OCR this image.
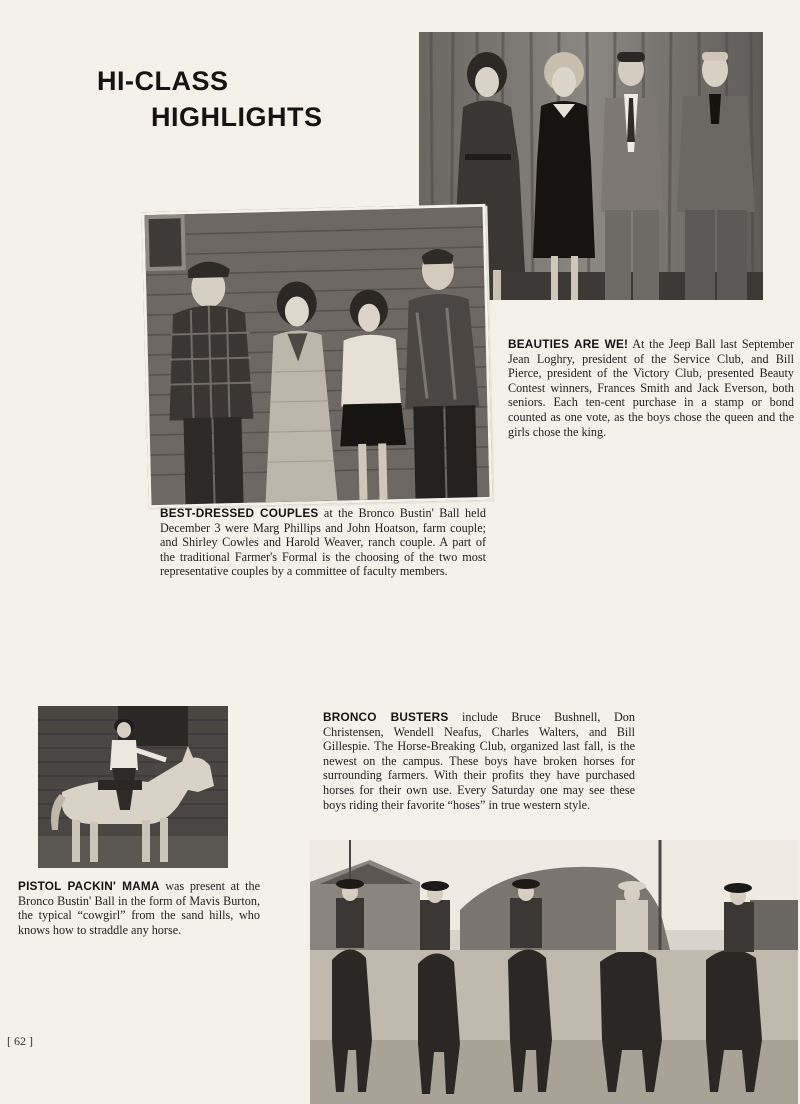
HI-CLASS
HIGHLIGHTS
BEAUTIES ARE WE! At the Jeep Ball last September Jean Loghry, president of the Service Club, and Bill Pierce, president of the Victory Club, presented Beauty Contest winners, Frances Smith and Jack Everson, both seniors. Each ten-cent purchase in a stamp or bond counted as one vote, as the boys chose the queen and the girls chose the king.
BEST-DRESSED COUPLES at the Bronco Bustin' Ball held December 3 were Marg Phillips and John Hoatson, farm couple; and Shirley Cowles and Harold Weaver, ranch couple. A part of the traditional Farmer's Formal is the choosing of the two most representative couples by a committee of faculty members.
BRONCO BUSTERS include Bruce Bushnell, Don Christensen, Wendell Neafus, Charles Walters, and Bill Gillespie. The Horse-Breaking Club, organized last fall, is the newest on the campus. These boys have broken horses for surrounding farmers. With their profits they have purchased horses for their own use. Every Saturday one may see these boys riding their favorite “hoses” in true western style.
PISTOL PACKIN' MAMA was present at the Bronco Bustin' Ball in the form of Mavis Burton, the typical “cowgirl” from the sand hills, who knows how to straddle any horse.
[ 62 ]
